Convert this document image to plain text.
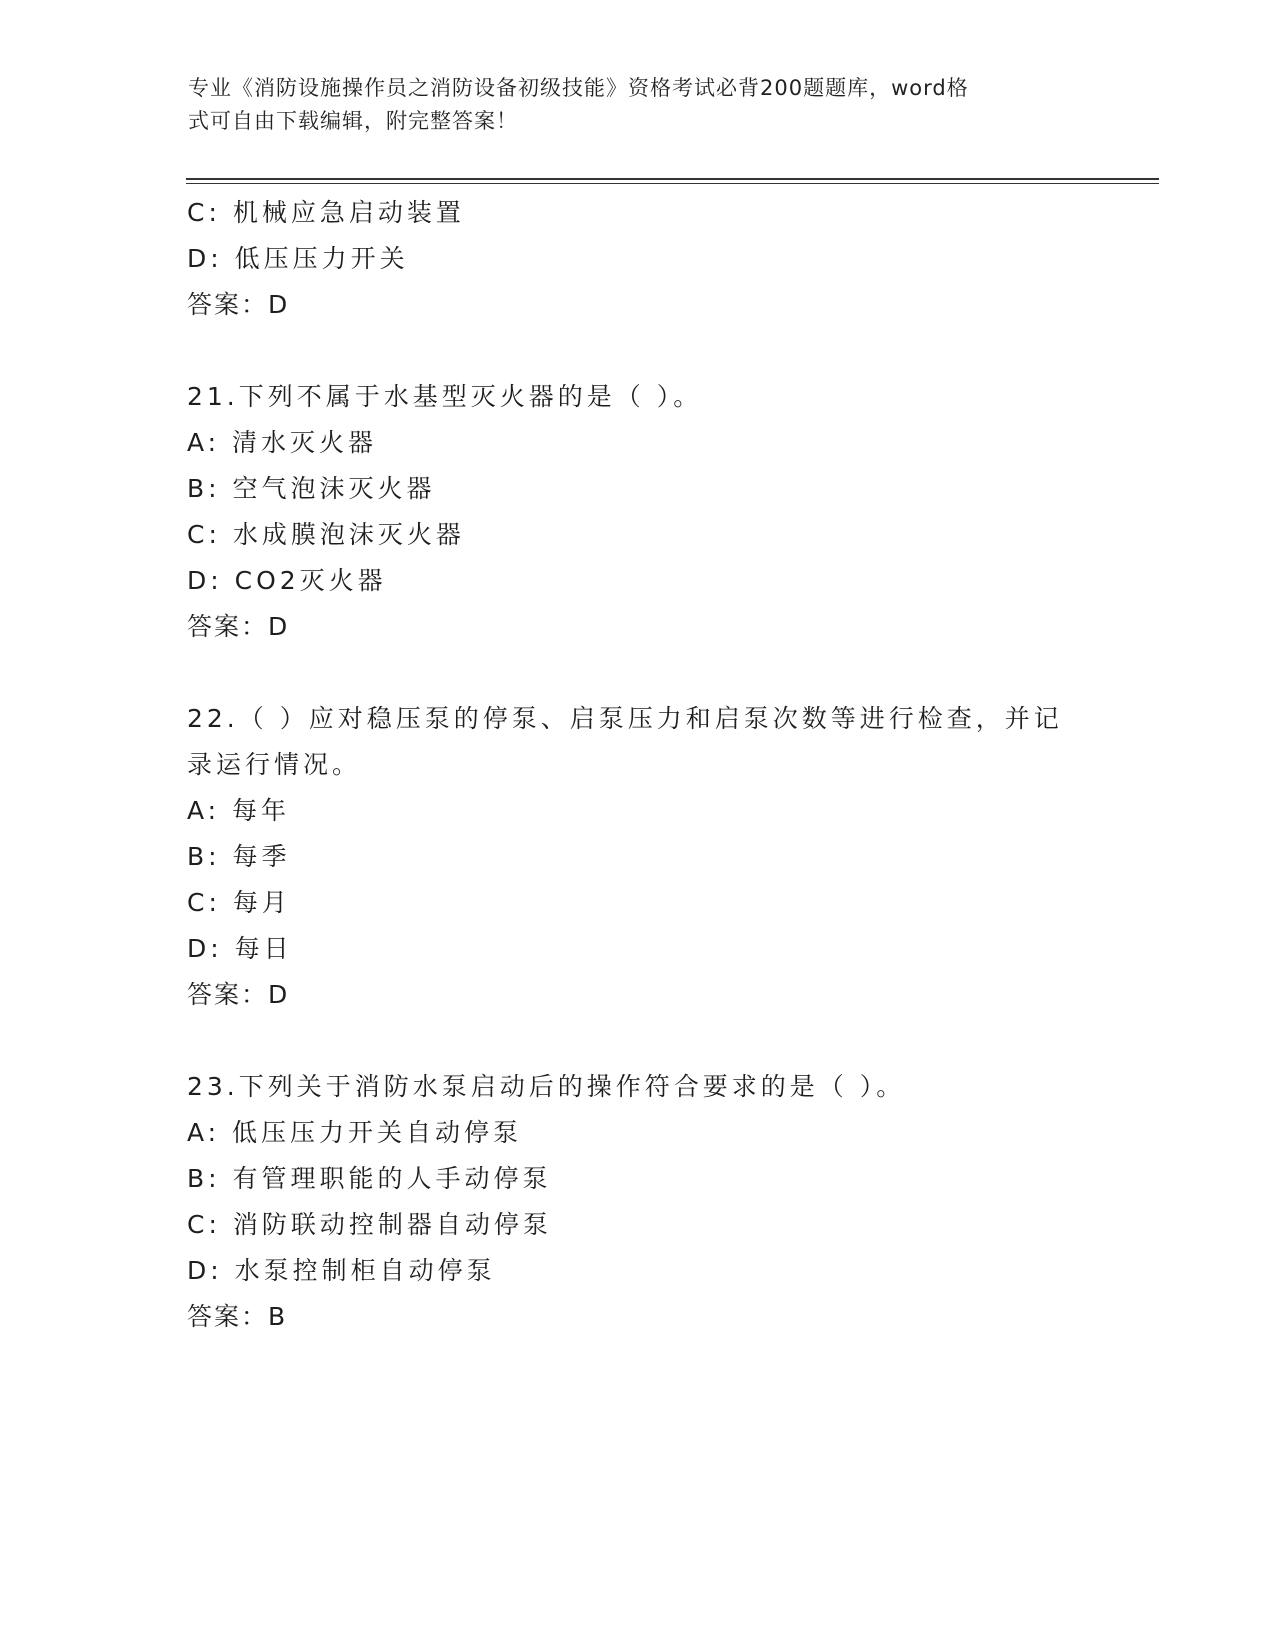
专业《消防设施操作员之消防设备初级技能》资格考试必背200题题库，word格
式可自由下载编辑，附完整答案！
C: 机械应急启动装置
D: 低压压力开关
答案：D
21.下列不属于水基型灭火器的是（ ）。
A: 清水灭火器
B: 空气泡沫灭火器
C: 水成膜泡沫灭火器
D: CO2灭火器
答案：D
22.（ ）应对稳压泵的停泵、启泵压力和启泵次数等进行检查，并记
录运行情况。
A: 每年
B: 每季
C: 每月
D: 每日
答案：D
23.下列关于消防水泵启动后的操作符合要求的是（ ）。
A: 低压压力开关自动停泵
B: 有管理职能的人手动停泵
C: 消防联动控制器自动停泵
D: 水泵控制柜自动停泵
答案：B
